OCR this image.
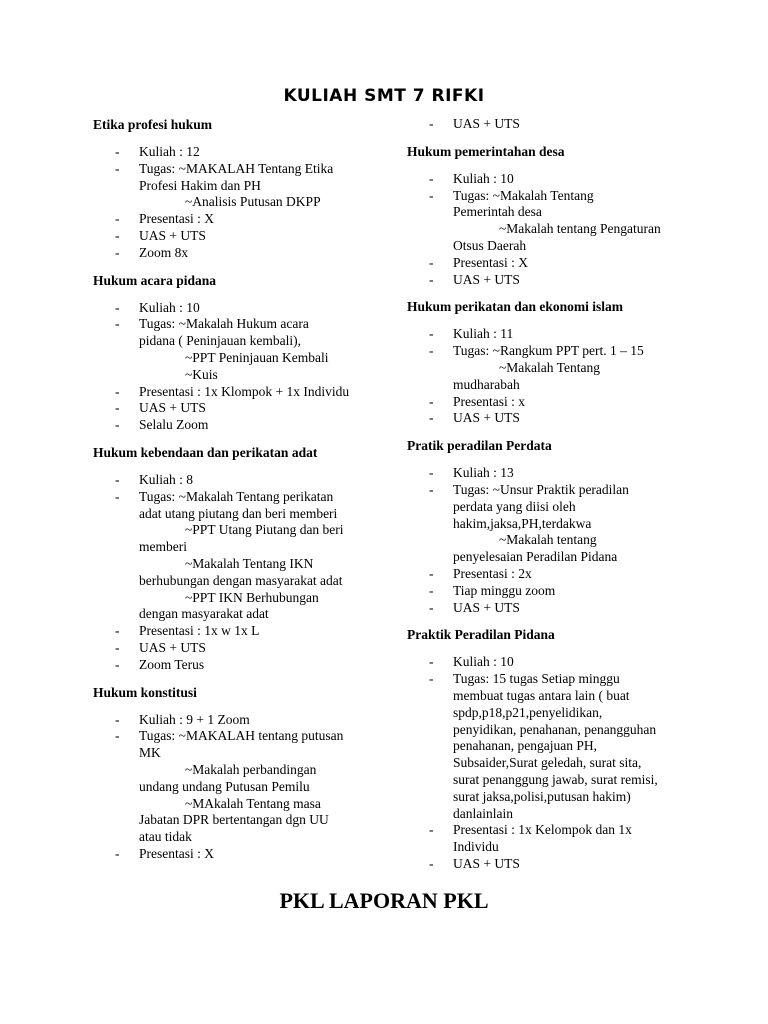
KULIAH SMT 7 RIFKI
Etika profesi hukum
- Kuliah : 12
- Tugas: ~MAKALAH Tentang Etika
Profesi Hakim dan PH
~Analisis Putusan DKPP
- Presentasi : X
- UAS + UTS
- Zoom 8x
Hukum acara pidana
- Kuliah : 10
- Tugas: ~Makalah Hukum acara
pidana ( Peninjauan kembali),
~PPT Peninjauan Kembali
~Kuis
- Presentasi : 1x Klompok + 1x Individu
- UAS + UTS
- Selalu Zoom
Hukum kebendaan dan perikatan adat
- Kuliah : 8
- Tugas: ~Makalah Tentang perikatan
adat utang piutang dan beri memberi
~PPT Utang Piutang dan beri
memberi
~Makalah Tentang IKN
berhubungan dengan masyarakat adat
~PPT IKN Berhubungan
dengan masyarakat adat
- Presentasi : 1x w 1x L
- UAS + UTS
- Zoom Terus
Hukum konstitusi
- Kuliah : 9 + 1 Zoom
- Tugas: ~MAKALAH tentang putusan
MK
~Makalah perbandingan
undang undang Putusan Pemilu
~MAkalah Tentang masa
Jabatan DPR bertentangan dgn UU
atau tidak
- Presentasi : X
- UAS + UTS
Hukum pemerintahan desa
- Kuliah : 10
- Tugas: ~Makalah Tentang
Pemerintah desa
~Makalah tentang Pengaturan
Otsus Daerah
- Presentasi : X
- UAS + UTS
Hukum perikatan dan ekonomi islam
- Kuliah : 11
- Tugas: ~Rangkum PPT pert. 1 – 15
~Makalah Tentang
mudharabah
- Presentasi : x
- UAS + UTS
Pratik peradilan Perdata
- Kuliah : 13
- Tugas: ~Unsur Praktik peradilan
perdata yang diisi oleh
hakim,jaksa,PH,terdakwa
~Makalah tentang
penyelesaian Peradilan Pidana
- Presentasi : 2x
- Tiap minggu zoom
- UAS + UTS
Praktik Peradilan Pidana
- Kuliah : 10
- Tugas: 15 tugas Setiap minggu
membuat tugas antara lain ( buat
spdp,p18,p21,penyelidikan,
penyidikan, penahanan, penangguhan
penahanan, pengajuan PH,
Subsaider,Surat geledah, surat sita,
surat penanggung jawab, surat remisi,
surat jaksa,polisi,putusan hakim)
danlainlain
- Presentasi : 1x Kelompok dan 1x
Individu
- UAS + UTS
PKL LAPORAN PKL
